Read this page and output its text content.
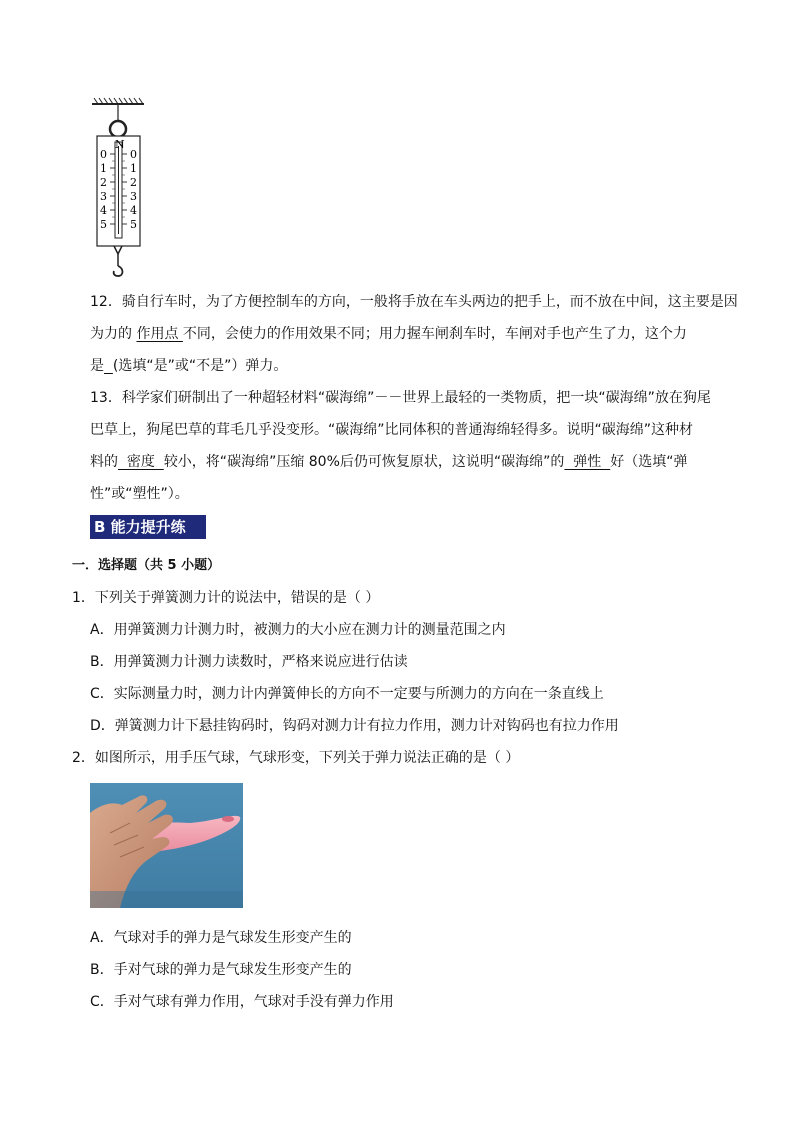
N
0
1
2
3
4
5
0
1
2
3
4
5
12．骑自行车时，为了方便控制车的方向，一般将手放在车头两边的把手上，而不放在中间，这主要是因
为力的 作用点 不同，会使力的作用效果不同；用力握车闸刹车时，车闸对手也产生了力，这个力
是 (选填“是”或“不是”）弹力。
13．科学家们研制出了一种超轻材料“碳海绵”－－世界上最轻的一类物质，把一块“碳海绵”放在狗尾
巴草上，狗尾巴草的茸毛几乎没变形。“碳海绵”比同体积的普通海绵轻得多。说明“碳海绵”这种材
料的  密度  较小，将“碳海绵”压缩 80%后仍可恢复原状，这说明“碳海绵”的  弹性  好（选填“弹
性”或“塑性”）。
B 能力提升练
一．选择题（共 5 小题）
1．下列关于弹簧测力计的说法中，错误的是（ ）
A．用弹簧测力计测力时，被测力的大小应在测力计的测量范围之内
B．用弹簧测力计测力读数时，严格来说应进行估读
C．实际测量力时，测力计内弹簧伸长的方向不一定要与所测力的方向在一条直线上
D．弹簧测力计下悬挂钩码时，钩码对测力计有拉力作用，测力计对钩码也有拉力作用
2．如图所示，用手压气球，气球形变，下列关于弹力说法正确的是（ ）
A．气球对手的弹力是气球发生形变产生的
B．手对气球的弹力是气球发生形变产生的
C．手对气球有弹力作用，气球对手没有弹力作用
